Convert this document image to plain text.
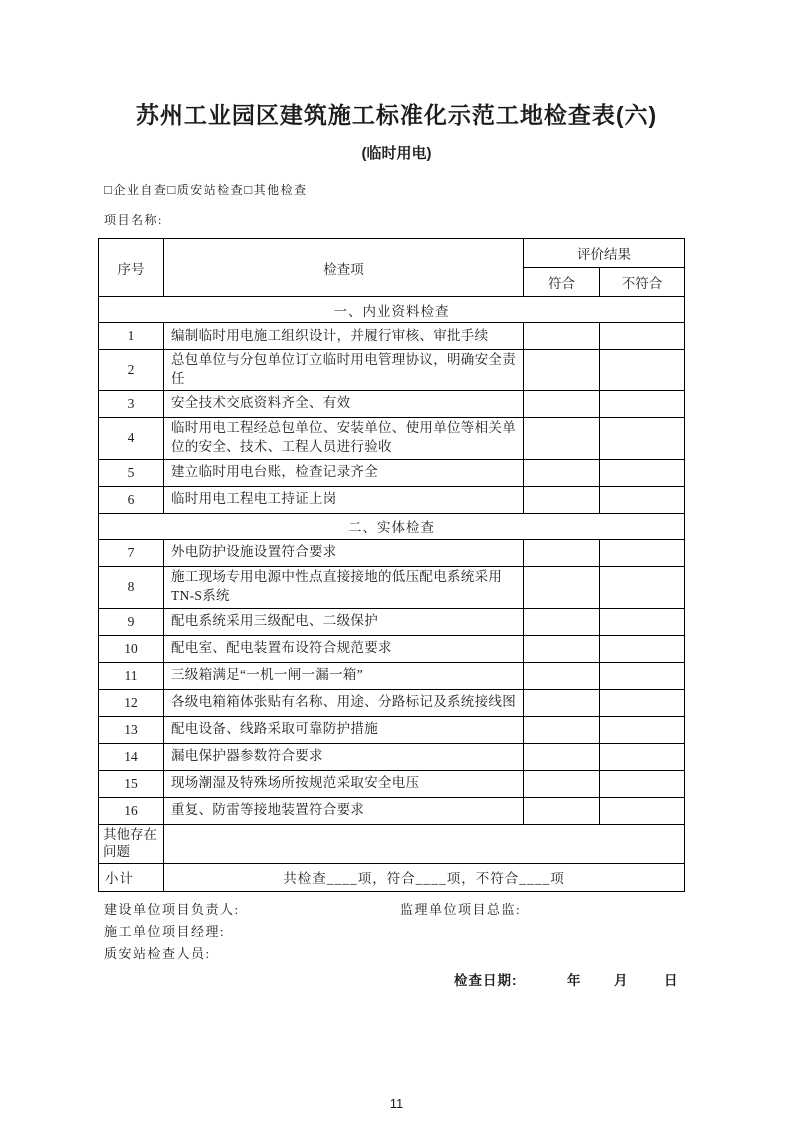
苏州工业园区建筑施工标准化示范工地检查表(六)
(临时用电)
□企业自查□质安站检查□其他检查
项目名称:
序号	检查项	评价结果	
		符合	不符合
一、内业资料检查			
1	编制临时用电施工组织设计，并履行审核、审批手续		
2	总包单位与分包单位订立临时用电管理协议，明确安全责任		
3	安全技术交底资料齐全、有效		
4	临时用电工程经总包单位、安装单位、使用单位等相关单位的安全、技术、工程人员进行验收		
5	建立临时用电台账，检查记录齐全		
6	临时用电工程电工持证上岗		
二、实体检查			
7	外电防护设施设置符合要求		
8	施工现场专用电源中性点直接接地的低压配电系统采用TN-S系统		
9	配电系统采用三级配电、二级保护		
10	配电室、配电装置布设符合规范要求		
11	三级箱满足“一机一闸一漏一箱”		
12	各级电箱箱体张贴有名称、用途、分路标记及系统接线图		
13	配电设备、线路采取可靠防护措施		
14	漏电保护器参数符合要求		
15	现场潮湿及特殊场所按规范采取安全电压		
16	重复、防雷等接地装置符合要求		
其他存在问题			
小计	共检查____项，符合____项，不符合____项		
建设单位项目负责人:	监理单位项目总监:
施工单位项目经理:
质安站检查人员:
检查日期:	年 月	日
11
